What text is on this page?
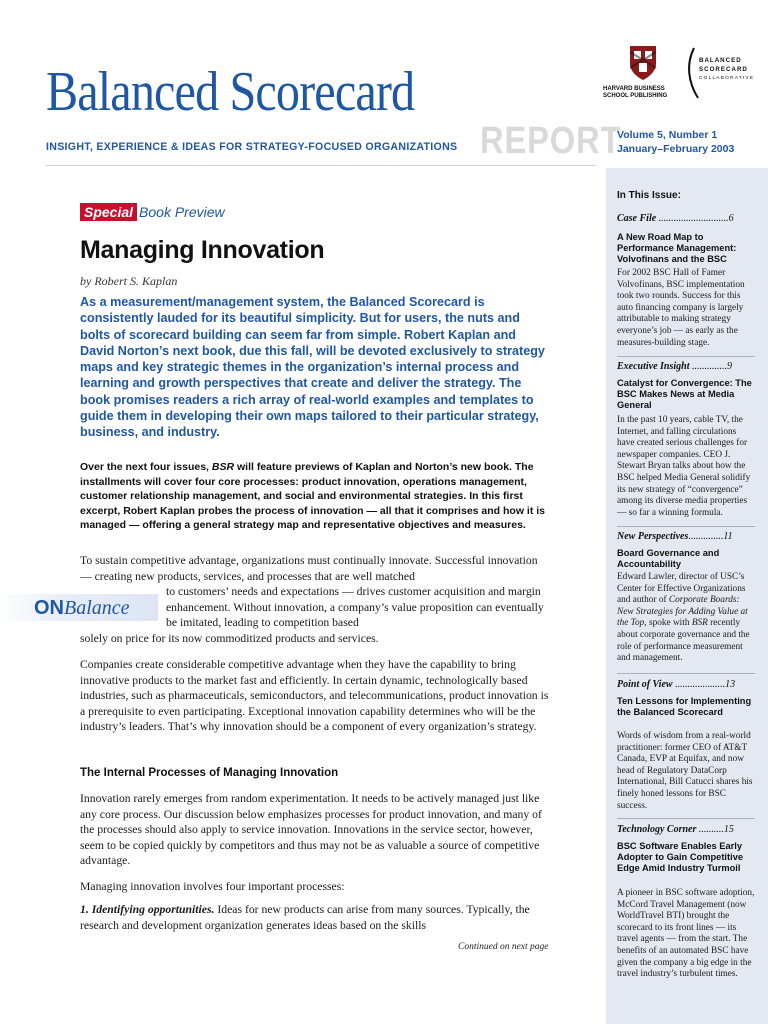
Balanced Scorecard
REPORT
INSIGHT, EXPERIENCE & IDEAS FOR STRATEGY-FOCUSED ORGANIZATIONS
HARVARD BUSINESS
SCHOOL PUBLISHING
BALANCED
SCORECARD
COLLABORATIVE
Volume 5, Number 1
January–February 2003
Special Book Preview
Managing Innovation
by Robert S. Kaplan
As a measurement/management system, the Balanced Scorecard is consistently lauded for its beautiful simplicity. But for users, the nuts and bolts of scorecard building can seem far from simple. Robert Kaplan and David Norton’s next book, due this fall, will be devoted exclusively to strategy maps and key strategic themes in the organization’s internal process and learning and growth perspectives that create and deliver the strategy. The book promises readers a rich array of real-world examples and templates to guide them in developing their own maps tailored to their particular strategy, business, and industry.
Over the next four issues, BSR will feature previews of Kaplan and Norton’s new book. The installments will cover four core processes: product innovation, operations management, customer relationship management, and social and environmental strategies. In this first excerpt, Robert Kaplan probes the process of innovation — all that it comprises and how it is managed — offering a general strategy map and representative objectives and measures.
To sustain competitive advantage, organizations must continually innovate. Successful innovation — creating new products, services, and processes that are well matched
to customers’ needs and expectations — drives customer acquisition and margin enhancement. Without innovation, a company’s value proposition can eventually be imitated, leading to competition based
solely on price for its now commoditized products and services.
ONBalance
Companies create considerable competitive advantage when they have the capability to bring innovative products to the market fast and efficiently. In certain dynamic, technologically based industries, such as pharmaceuticals, semiconductors, and telecommunications, product innovation is a prerequisite to even participating. Exceptional innovation capability determines who will be the industry’s leaders. That’s why innovation should be a component of every organization’s strategy.
The Internal Processes of Managing Innovation
Innovation rarely emerges from random experimentation. It needs to be actively managed just like any core process. Our discussion below emphasizes processes for product innovation, and many of the processes should also apply to service innovation. Innovations in the service sector, however, seem to be copied quickly by competitors and thus may not be as valuable a source of competitive advantage.
Managing innovation involves four important processes:
1. Identifying opportunities. Ideas for new products can arise from many sources. Typically, the research and development organization generates ideas based on the skills
Continued on next page
In This Issue:
Case File ............................6
A New Road Map to Performance Management: Volvofinans and the BSC
For 2002 BSC Hall of Famer Volvofinans, BSC implementation took two rounds. Success for this auto financing company is largely attributable to making strategy everyone’s job — as early as the measures-building stage.
Executive Insight ..............9
Catalyst for Convergence: The BSC Makes News at Media General
In the past 10 years, cable TV, the Internet, and falling circulations have created serious challenges for newspaper companies. CEO J. Stewart Bryan talks about how the BSC helped Media General solidify its new strategy of “convergence” among its diverse media properties — so far a winning formula.
New Perspectives..............11
Board Governance and Accountability
Edward Lawler, director of USC’s Center for Effective Organizations and author of Corporate Boards: New Strategies for Adding Value at the Top, spoke with BSR recently about corporate governance and the role of performance measurement and management.
Point of View ....................13
Ten Lessons for Implementing the Balanced Scorecard
Words of wisdom from a real-world practitioner: former CEO of AT&T Canada, EVP at Equifax, and now head of Regulatory DataCorp International, Bill Catucci shares his finely honed lessons for BSC success.
Technology Corner ..........15
BSC Software Enables Early Adopter to Gain Competitive Edge Amid Industry Turmoil
A pioneer in BSC software adoption, McCord Travel Management (now WorldTravel BTI) brought the scorecard to its front lines — its travel agents — from the start. The benefits of an automated BSC have given the company a big edge in the travel industry’s turbulent times.
